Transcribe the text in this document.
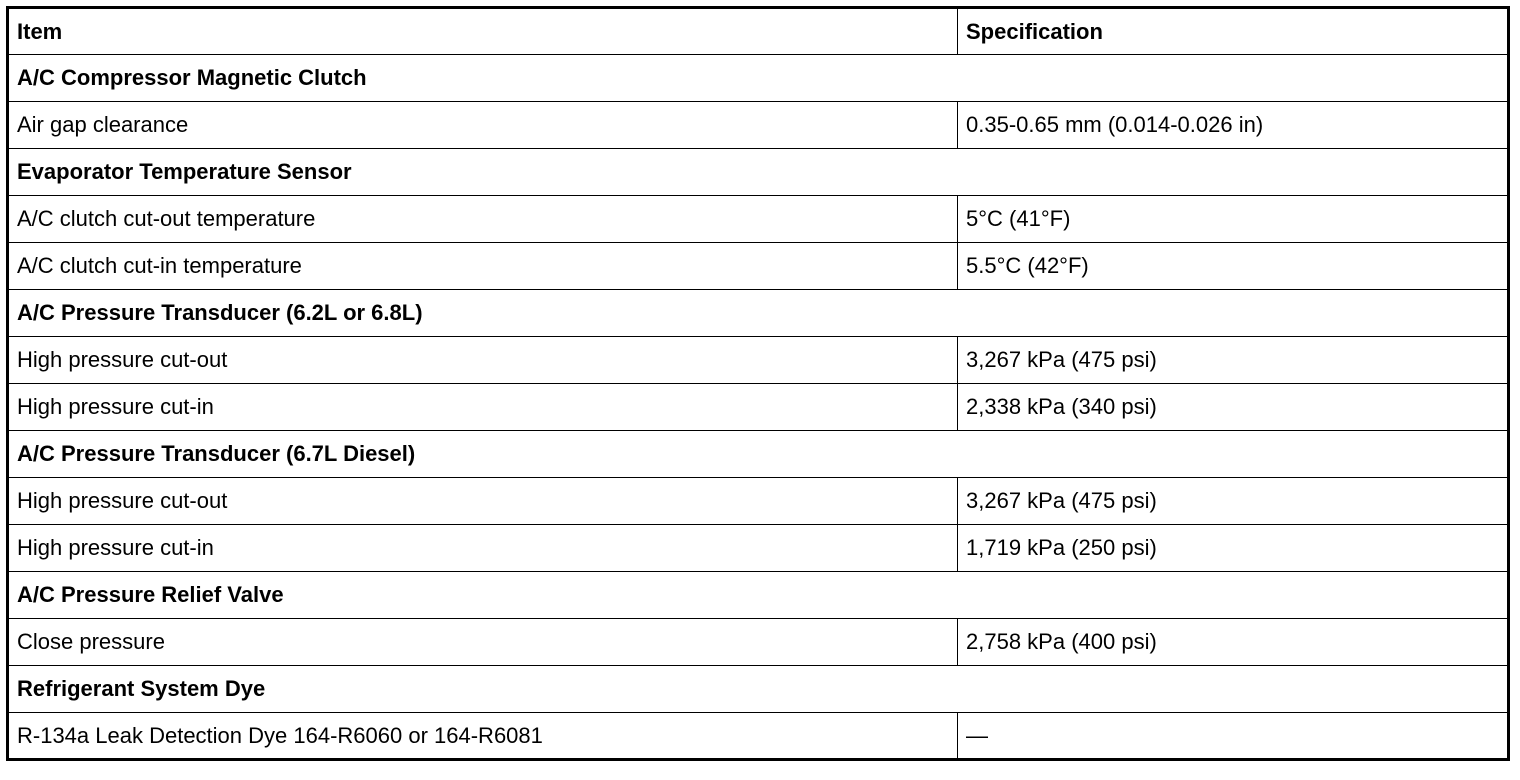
Item	Specification
A/C Compressor Magnetic Clutch	
Air gap clearance	0.35-0.65 mm (0.014-0.026 in)
Evaporator Temperature Sensor	
A/C clutch cut-out temperature	5°C (41°F)
A/C clutch cut-in temperature	5.5°C (42°F)
A/C Pressure Transducer (6.2L or 6.8L)	
High pressure cut-out	3,267 kPa (475 psi)
High pressure cut-in	2,338 kPa (340 psi)
A/C Pressure Transducer (6.7L Diesel)	
High pressure cut-out	3,267 kPa (475 psi)
High pressure cut-in	1,719 kPa (250 psi)
A/C Pressure Relief Valve	
Close pressure	2,758 kPa (400 psi)
Refrigerant System Dye	
R-134a Leak Detection Dye 164-R6060 or 164-R6081	—
